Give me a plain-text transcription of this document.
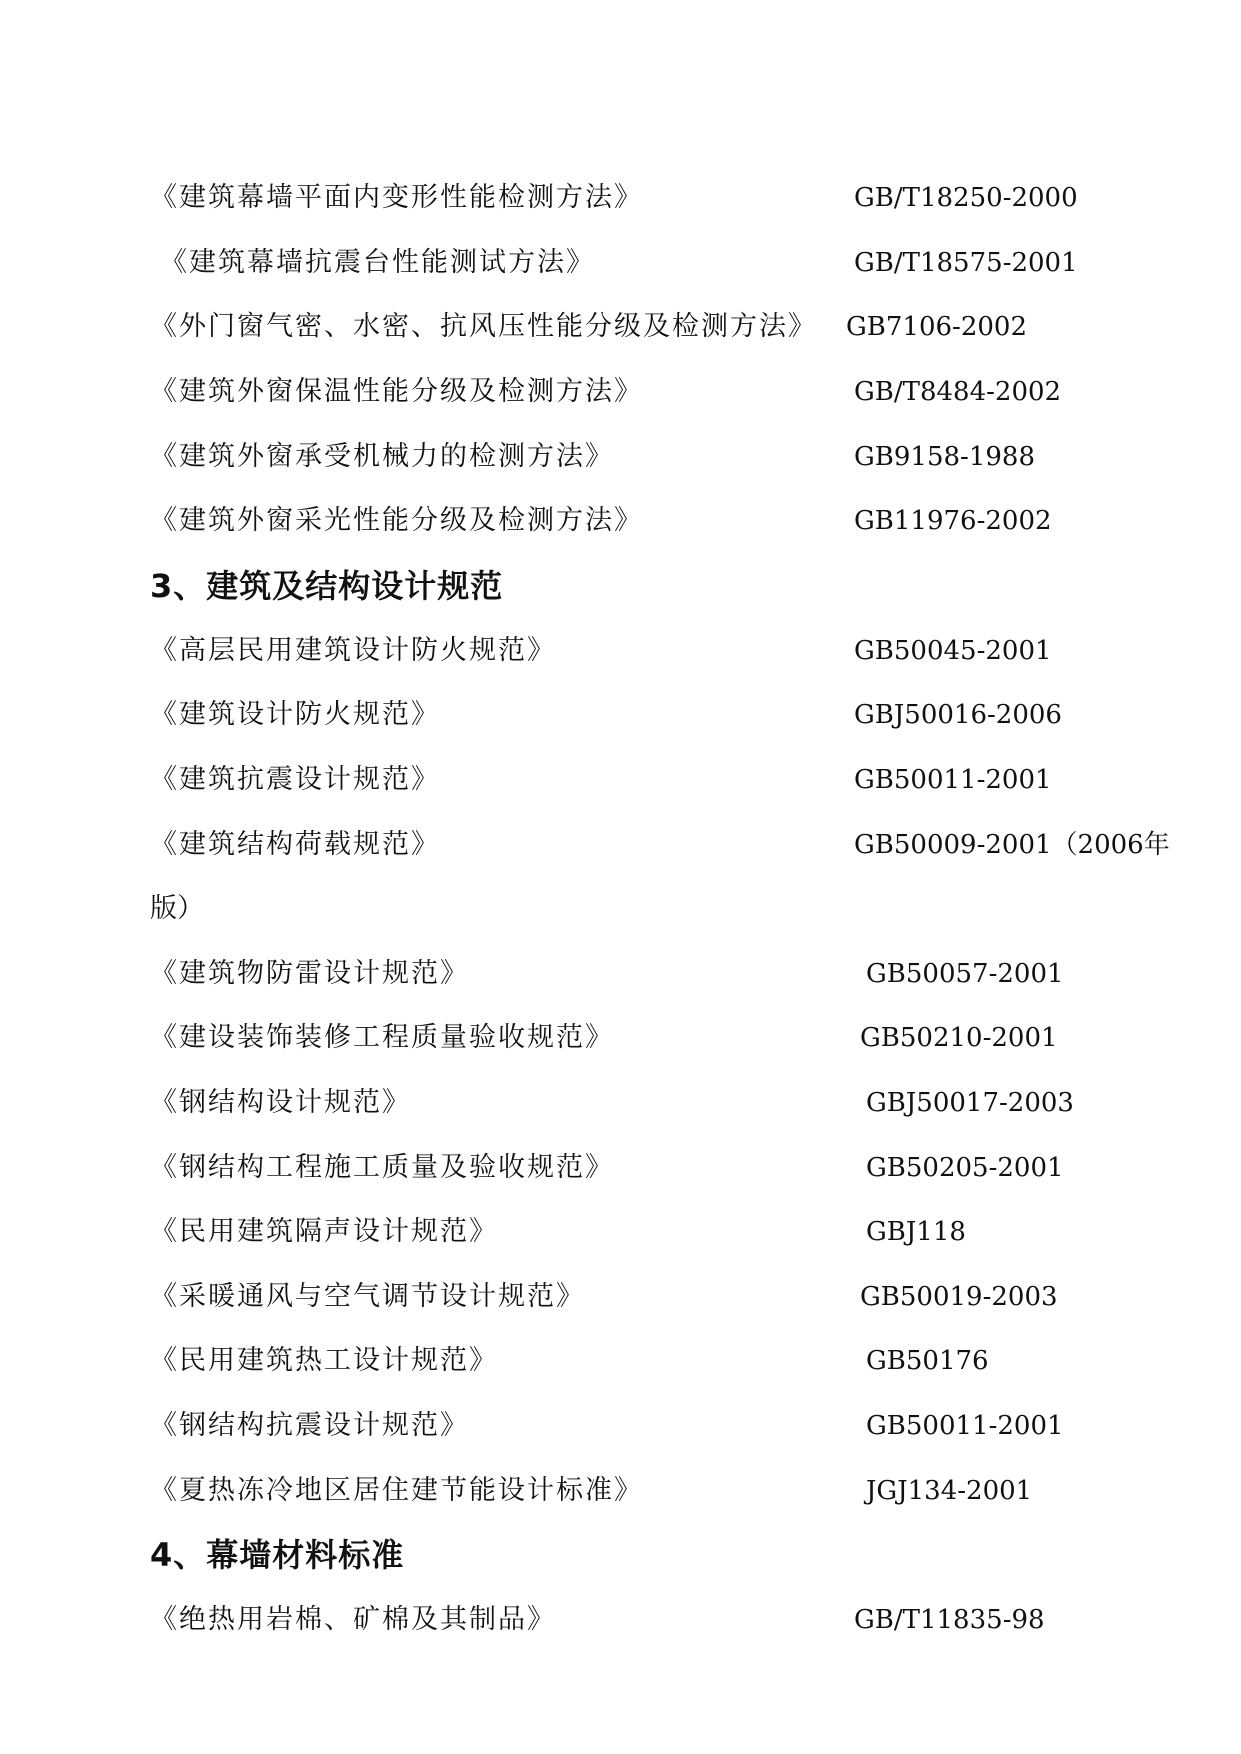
《建筑幕墙平面内变形性能检测方法》	GB/T18250-2000
《建筑幕墙抗震台性能测试方法》	GB/T18575-2001
《外门窗气密、水密、抗风压性能分级及检测方法》 GB7106-2002
《建筑外窗保温性能分级及检测方法》	GB/T8484-2002
《建筑外窗承受机械力的检测方法》	GB9158-1988
《建筑外窗采光性能分级及检测方法》	GB11976-2002
3、建筑及结构设计规范
《高层民用建筑设计防火规范》	GB50045-2001
《建筑设计防火规范》	GBJ50016-2006
《建筑抗震设计规范》	GB50011-2001
《建筑结构荷载规范》	GB50009-2001（2006年
版）
《建筑物防雷设计规范》	GB50057-2001
《建设装饰装修工程质量验收规范》	GB50210-2001
《钢结构设计规范》	GBJ50017-2003
《钢结构工程施工质量及验收规范》	GB50205-2001
《民用建筑隔声设计规范》	GBJ118
《采暖通风与空气调节设计规范》	GB50019-2003
《民用建筑热工设计规范》	GB50176
《钢结构抗震设计规范》	GB50011-2001
《夏热冻冷地区居住建节能设计标准》	JGJ134-2001
4、幕墙材料标准
《绝热用岩棉、矿棉及其制品》	GB/T11835-98
